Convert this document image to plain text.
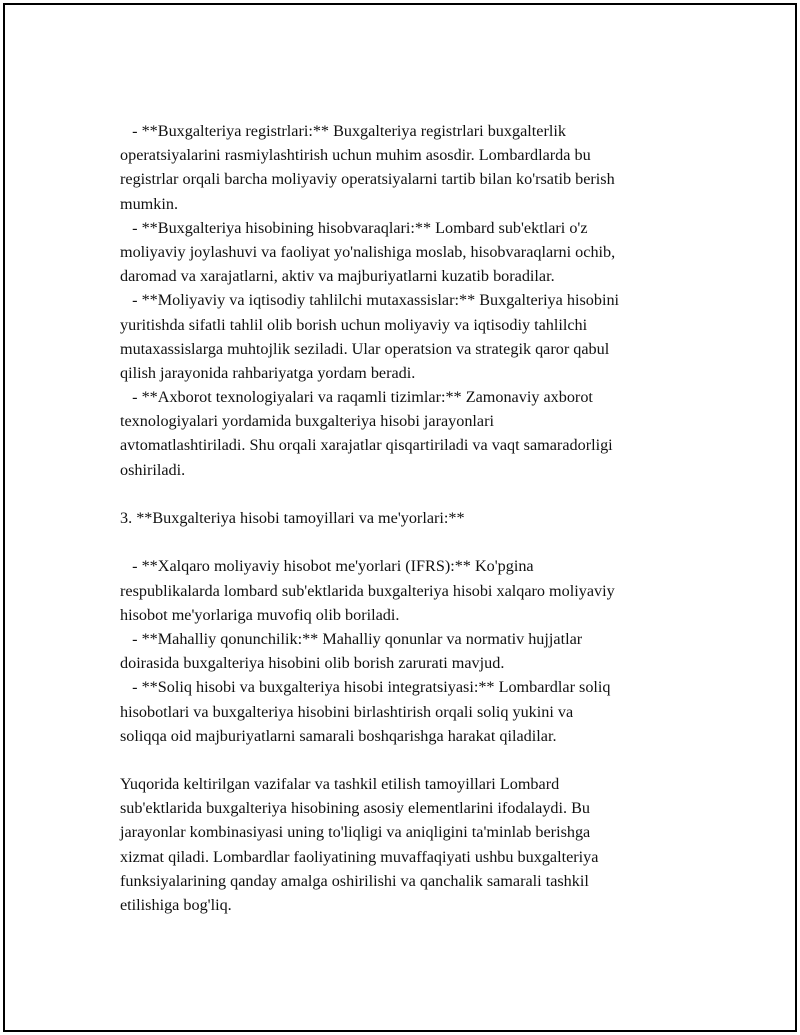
- **Buxgalteriya registrlari:** Buxgalteriya registrlari buxgalterlik
operatsiyalarini rasmiylashtirish uchun muhim asosdir. Lombardlarda bu
registrlar orqali barcha moliyaviy operatsiyalarni tartib bilan ko'rsatib berish
mumkin.
- **Buxgalteriya hisobining hisobvaraqlari:** Lombard sub'ektlari o'z
moliyaviy joylashuvi va faoliyat yo'nalishiga moslab, hisobvaraqlarni ochib,
daromad va xarajatlarni, aktiv va majburiyatlarni kuzatib boradilar.
- **Moliyaviy va iqtisodiy tahlilchi mutaxassislar:** Buxgalteriya hisobini
yuritishda sifatli tahlil olib borish uchun moliyaviy va iqtisodiy tahlilchi
mutaxassislarga muhtojlik seziladi. Ular operatsion va strategik qaror qabul
qilish jarayonida rahbariyatga yordam beradi.
- **Axborot texnologiyalari va raqamli tizimlar:** Zamonaviy axborot
texnologiyalari yordamida buxgalteriya hisobi jarayonlari
avtomatlashtiriladi. Shu orqali xarajatlar qisqartiriladi va vaqt samaradorligi
oshiriladi.
3. **Buxgalteriya hisobi tamoyillari va me'yorlari:**
- **Xalqaro moliyaviy hisobot me'yorlari (IFRS):** Ko'pgina
respublikalarda lombard sub'ektlarida buxgalteriya hisobi xalqaro moliyaviy
hisobot me'yorlariga muvofiq olib boriladi.
- **Mahalliy qonunchilik:** Mahalliy qonunlar va normativ hujjatlar
doirasida buxgalteriya hisobini olib borish zarurati mavjud.
- **Soliq hisobi va buxgalteriya hisobi integratsiyasi:** Lombardlar soliq
hisobotlari va buxgalteriya hisobini birlashtirish orqali soliq yukini va
soliqqa oid majburiyatlarni samarali boshqarishga harakat qiladilar.
Yuqorida keltirilgan vazifalar va tashkil etilish tamoyillari Lombard
sub'ektlarida buxgalteriya hisobining asosiy elementlarini ifodalaydi. Bu
jarayonlar kombinasiyasi uning to'liqligi va aniqligini ta'minlab berishga
xizmat qiladi. Lombardlar faoliyatining muvaffaqiyati ushbu buxgalteriya
funksiyalarining qanday amalga oshirilishi va qanchalik samarali tashkil
etilishiga bog'liq.
